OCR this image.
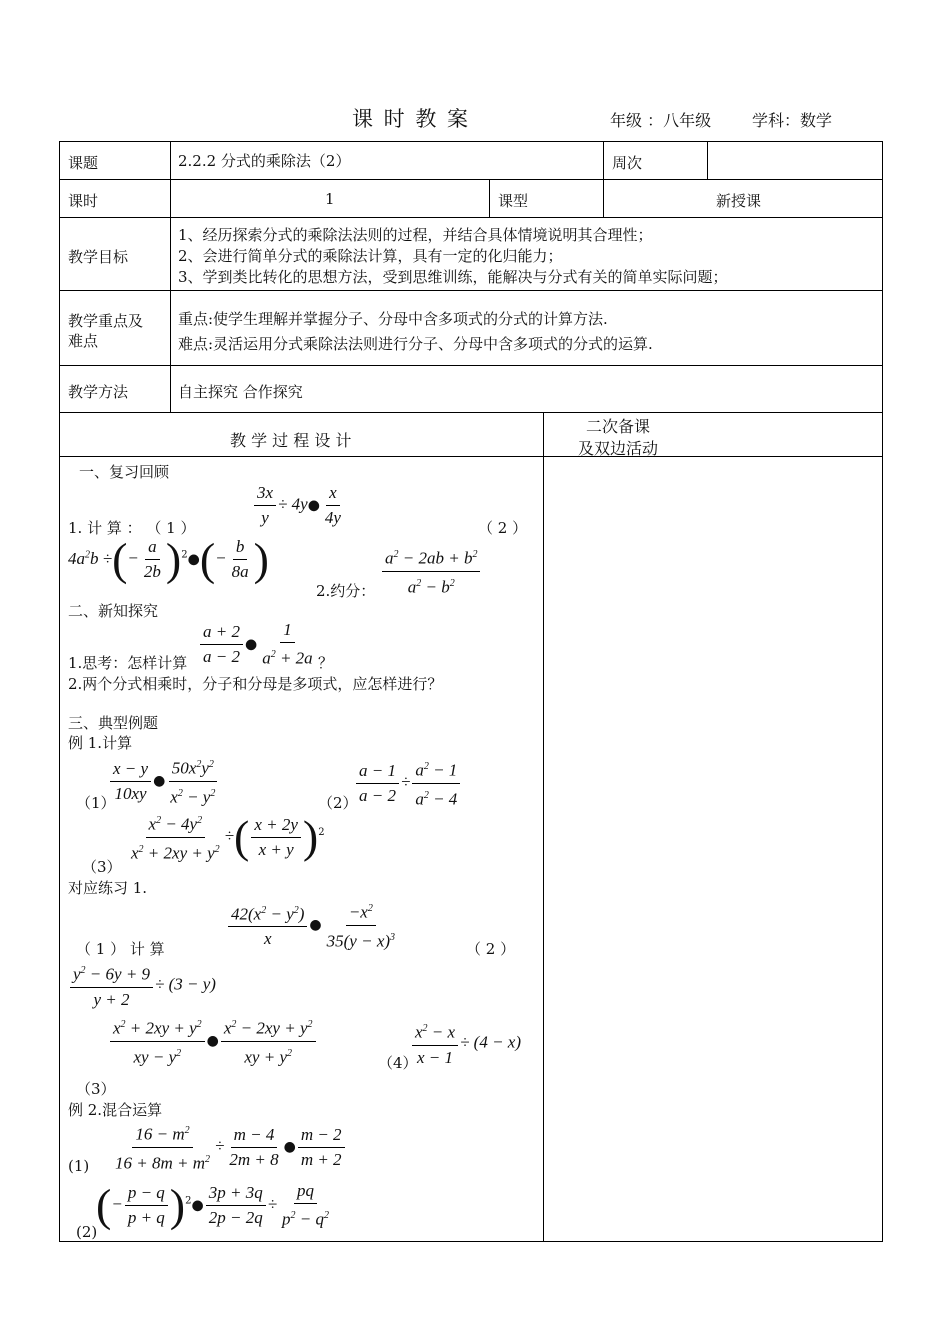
课 时 教 案	年级 ：八年级	学科：数学
课题	2.2.2 分式的乘除法（2）	周次
课时	1	课型	新授课
教学目标
1、经历探索分式的乘除法法则的过程，并结合具体情境说明其合理性；
2、会进行简单分式的乘除法计算，具有一定的化归能力；
3、学到类比转化的思想方法，受到思维训练，能解决与分式有关的简单实际问题；
教学重点及
难点
重点:使学生理解并掌握分子、分母中含多项式的分式的计算方法.
难点:灵活运用分式乘除法法则进行分子、分母中含多项式的分式的运算.
教学方法	自主探究 合作探究
教 学 过 程 设 计
二次备课
及双边活动
一、复习回顾
$\frac{3x}{y}$ ÷ 4y● $\frac{x}{4y}$
1. 计 算 ： （ 1 ）	（ 2 ）
$4a^2b$ ÷(− $\frac{a}{2b}$ )$^2$●(− $\frac{b}{8a}$ )
2.约分： $\frac{a^2 - 2ab + b^2}{a^2 - b^2}$
二、新知探究
$\frac{a + 2}{a - 2}$ ● $\frac{1}{a^2 + 2a}$
1.思考：怎样计算	？
2.两个分式相乘时，分子和分母是多项式，应怎样进行？
三、典型例题
例 1.计算
$\frac{x - y}{10xy}$ ● $\frac{50x^2y^2}{x^2 - y^2}$
（1）	（2）
$\frac{a - 1}{a - 2} \div \frac{a^2 - 1}{a^2 - 4}$
$\frac{x^2 - 4y^2}{x^2 + 2xy + y^2}$ ÷( $\frac{x + 2y}{x + y} )^2$
（3）
对应练习 1.
$\frac{42(x^2 - y^2)}{x}$ ● $\frac{-x^2}{35(y - x)^3}$
（ 1 ） 计 算	（ 2 ）
$\frac{y^2 - 6y + 9}{y + 2} \div (3 - y)$
$\frac{x^2 + 2xy + y^2}{xy - y^2}$ ● $\frac{x^2 - 2xy + y^2}{xy + y^2}$	$\frac{x^2 - x}{x - 1} \div (4 - x)$
（4）
（3）
例 2.混合运算
$\frac{16 - m^2}{16 + 8m + m^2} \div \frac{m - 4}{2m + 8}$ ● $\frac{m - 2}{m + 2}$
(1)
(− $\frac{p - q}{p + q}$ )$^2$● $\frac{3p + 3q}{2p - 2q} \div \frac{pq}{p^2 - q^2}$
(2)
